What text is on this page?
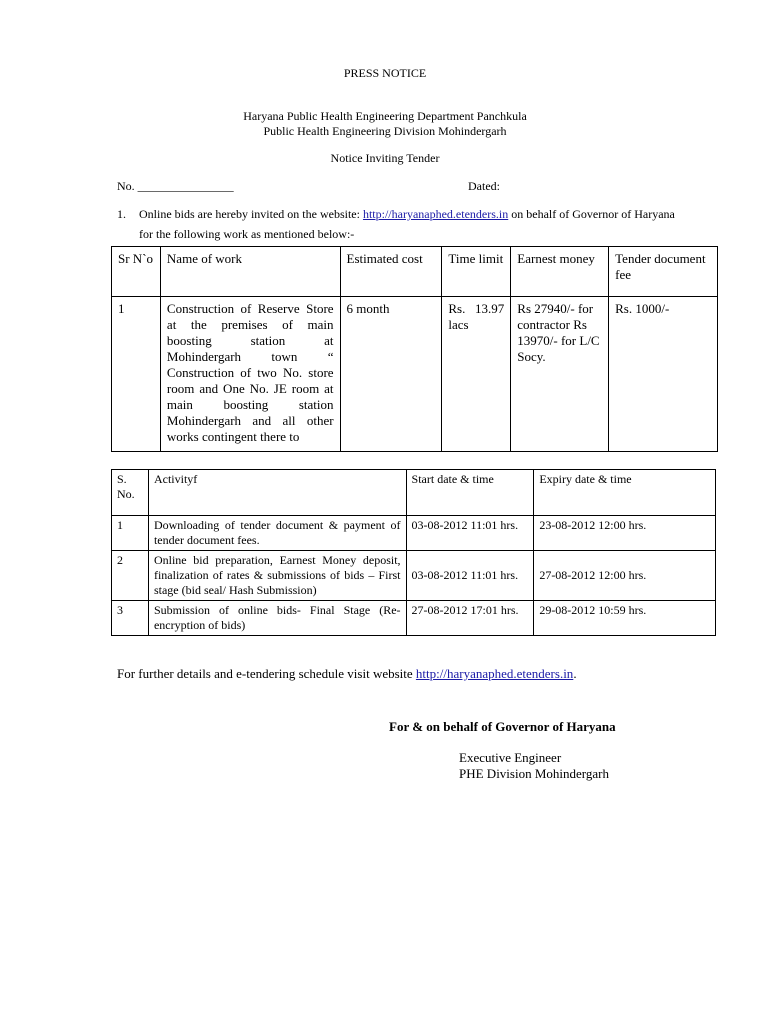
PRESS NOTICE
Haryana Public Health Engineering Department Panchkula
Public Health Engineering Division Mohindergarh
Notice Inviting Tender
No. ________________	Dated:
1. Online bids are hereby invited on the website: http://haryanaphed.etenders.in on behalf of Governor of Haryana
for the following work as mentioned below:-
Sr N`o	Name of work	Estimated cost	Time limit	Earnest money	Tender document fee
1	Construction of Reserve Store at the premises of main boosting station at Mohindergarh town “ Construction of two No. store room and One No. JE room at main boosting station Mohindergarh and all other works contingent there to	6 month	Rs. 13.97 lacs	Rs 27940/- for contractor Rs 13970/- for L/C Socy.	Rs. 1000/-
S. No.	Activityf	Start date & time	Expiry date & time
1	Downloading of tender document & payment of tender document fees.	03-08-2012 11:01 hrs.	23-08-2012 12:00 hrs.
2	Online bid preparation, Earnest Money deposit, finalization of rates & submissions of bids – First stage (bid seal/ Hash Submission)	03-08-2012 11:01 hrs.	27-08-2012 12:00 hrs.
3	Submission of online bids- Final Stage (Re-encryption of bids)	27-08-2012 17:01 hrs.	29-08-2012 10:59 hrs.
For further details and e-tendering schedule visit website http://haryanaphed.etenders.in.
For & on behalf of Governor of Haryana
Executive Engineer
PHE Division Mohindergarh
